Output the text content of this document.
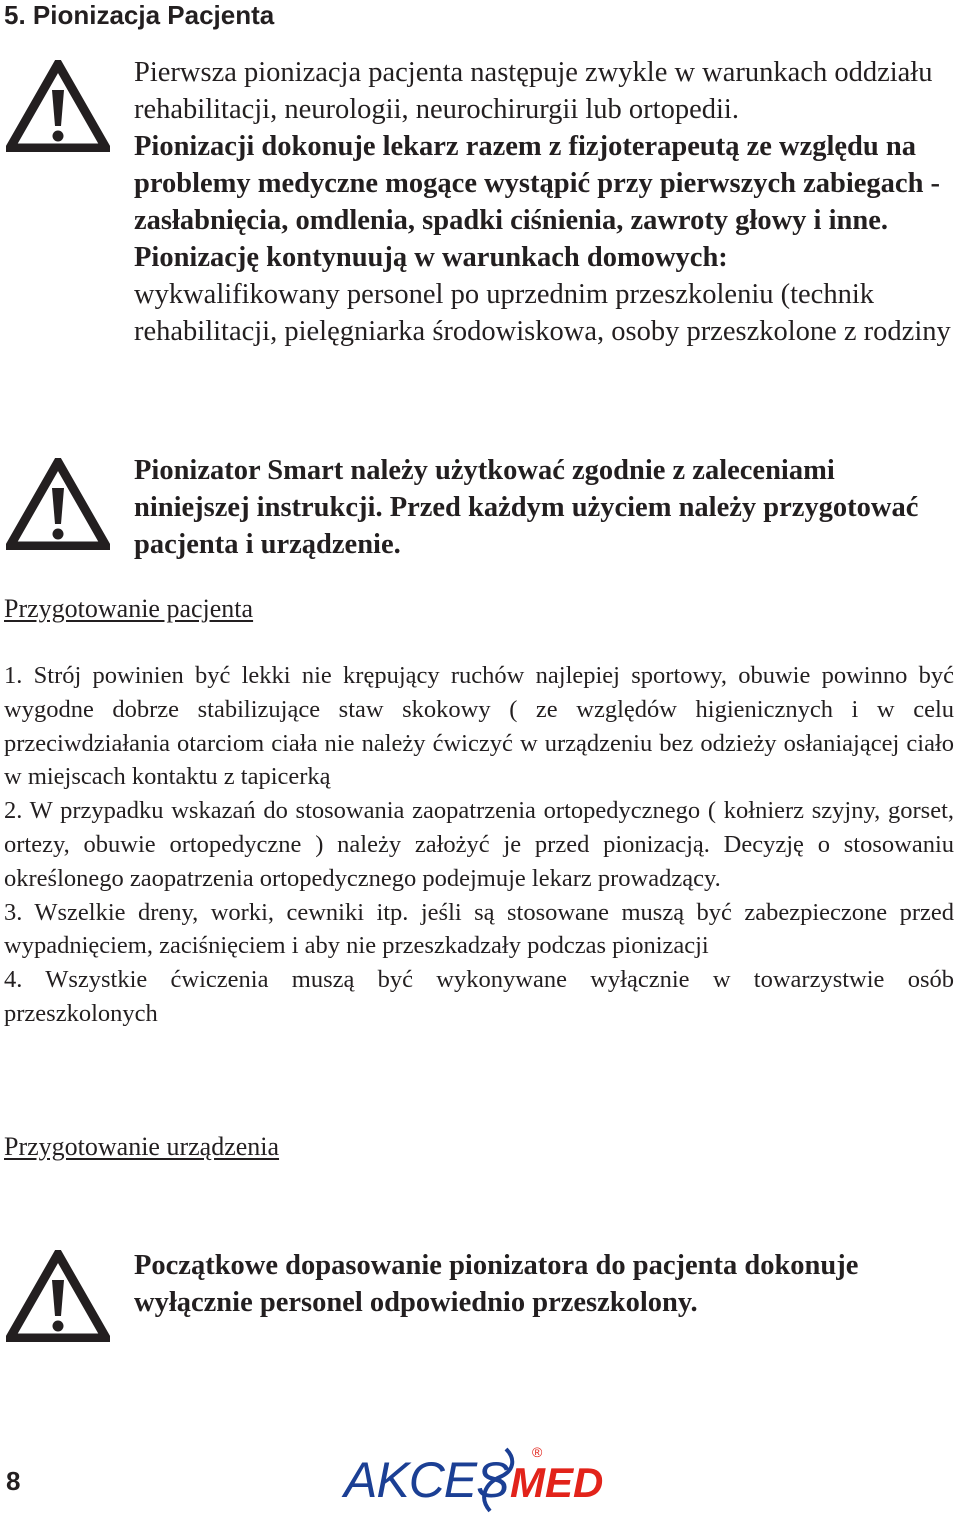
5. Pionizacja Pacjenta

Pierwsza pionizacja pacjenta następuje zwykle w warunkach oddziału rehabilitacji, neurologii, neurochirurgii lub ortopedii.

Pionizacji dokonuje lekarz razem z fizjoterapeutą ze względu na problemy medyczne mogące wystąpić przy pierwszych zabiegach - zasłabnięcia, omdlenia, spadki ciśnienia, zawroty głowy i inne.

Pionizację kontynuują w warunkach domowych:

wykwalifikowany personel po uprzednim przeszkoleniu (technik rehabilitacji, pielęgniarka środowiskowa, osoby przeszkolone z rodziny

Pionizator Smart należy użytkować zgodnie z zaleceniami niniejszej instrukcji. Przed każdym użyciem należy przygotować pacjenta i urządzenie.

Przygotowanie pacjenta

1. Strój powinien być lekki nie krępujący ruchów najlepiej sportowy, obuwie powinno być wygodne dobrze stabilizujące staw skokowy ( ze względów higienicznych i w celu przeciwdziałania otarciom ciała nie należy ćwiczyć w urządzeniu bez odzieży osłaniającej ciało w miejscach kontaktu z tapicerką

2. W przypadku wskazań do stosowania zaopatrzenia ortopedycznego ( kołnierz szyjny, gorset, ortezy, obuwie ortopedyczne ) należy założyć je przed pionizacją. Decyzję o stosowaniu określonego zaopatrzenia ortopedycznego podejmuje lekarz prowadzący.

3. Wszelkie dreny, worki, cewniki itp. jeśli są stosowane muszą być zabezpieczone przed wypadnięciem, zaciśnięciem i aby nie przeszkadzały podczas pionizacji

4. Wszystkie ćwiczenia muszą być wykonywane wyłącznie w towarzystwie osób przeszkolonych

Przygotowanie urządzenia

Początkowe dopasowanie pionizatora do pacjenta dokonuje wyłącznie personel odpowiednio przeszkolony.

8	AKCES MED
®
